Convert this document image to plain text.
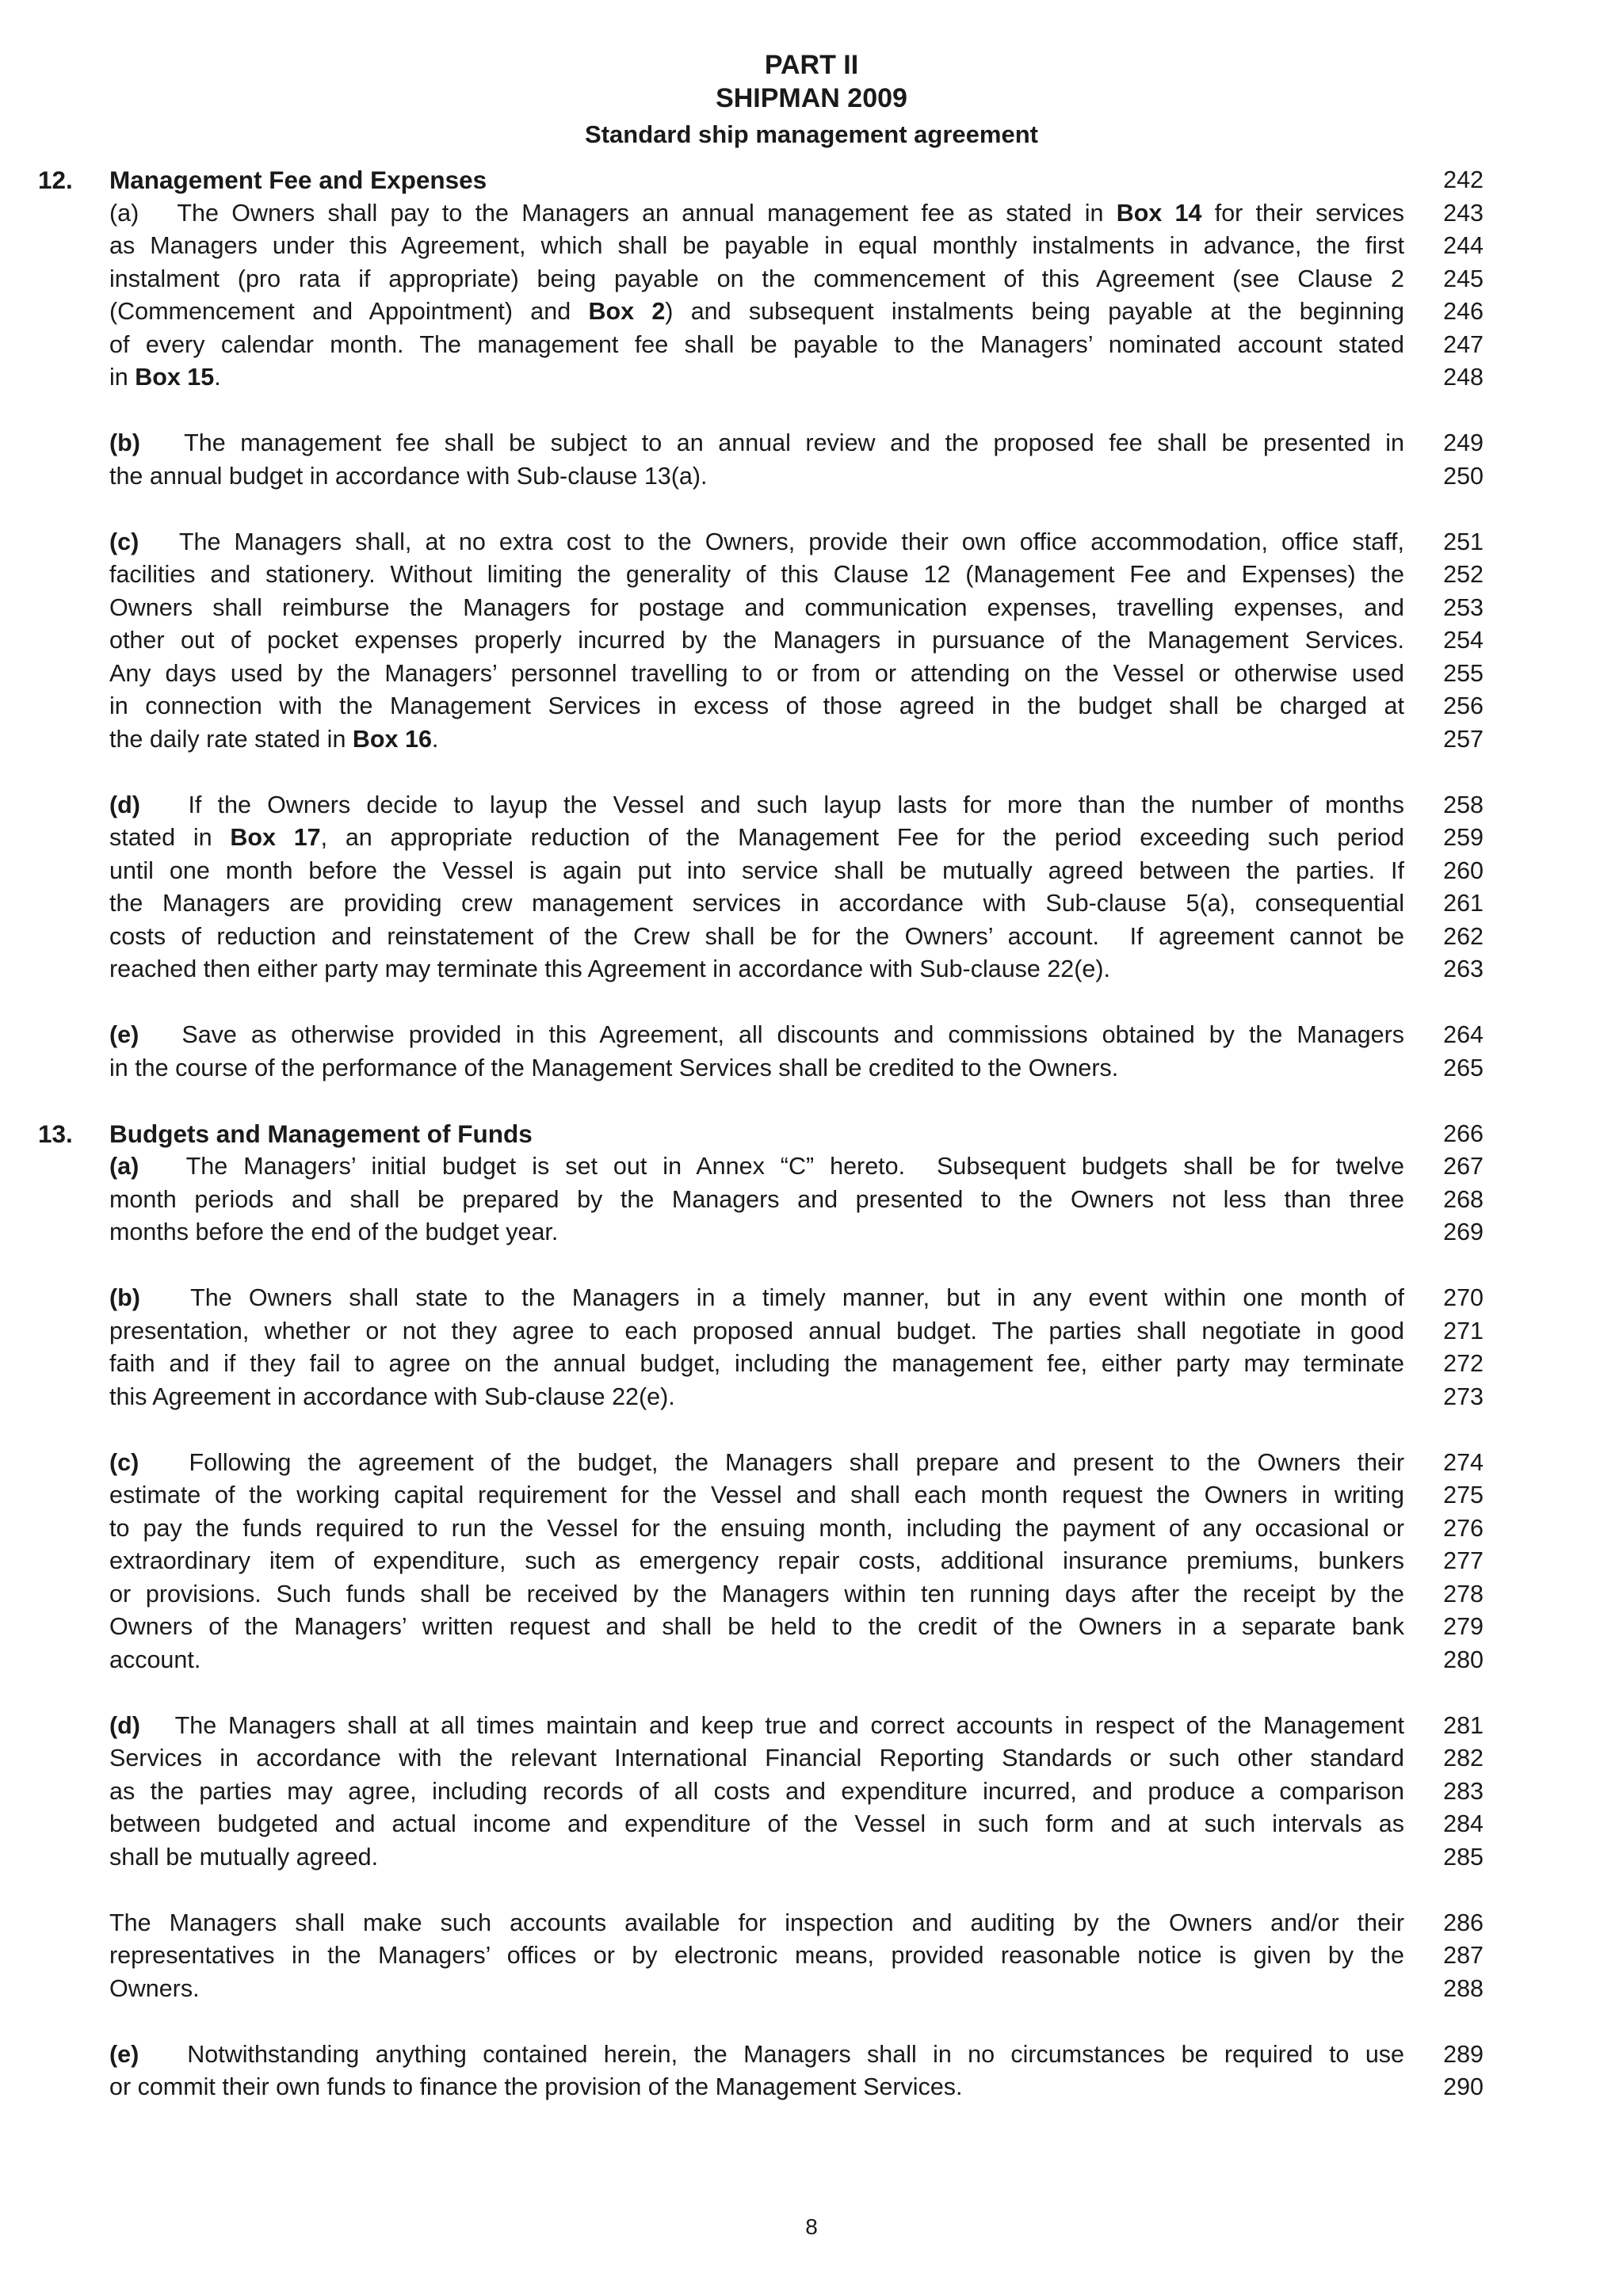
PART II
SHIPMAN 2009
Standard ship management agreement
12. Management Fee and Expenses	242
(a)   The Owners shall pay to the Managers an annual management fee as stated in Box 14 for their services 243
as Managers under this Agreement, which shall be payable in equal monthly instalments in advance, the first 244
instalment (pro rata if appropriate) being payable on the commencement of this Agreement (see Clause 2 245
(Commencement and Appointment) and Box 2) and subsequent instalments being payable at the beginning 246
of every calendar month. The management fee shall be payable to the Managers’ nominated account stated 247
in Box 15.	248
(b)   The management fee shall be subject to an annual review and the proposed fee shall be presented in 249
the annual budget in accordance with Sub-clause 13(a).	250
(c)   The Managers shall, at no extra cost to the Owners, provide their own office accommodation, office staff, 251
facilities and stationery. Without limiting the generality of this Clause 12 (Management Fee and Expenses) the 252
Owners shall reimburse the Managers for postage and communication expenses, travelling expenses, and 253
other out of pocket expenses properly incurred by the Managers in pursuance of the Management Services. 254
Any days used by the Managers’ personnel travelling to or from or attending on the Vessel or otherwise used 255
in connection with the Management Services in excess of those agreed in the budget shall be charged at 256
the daily rate stated in Box 16.	257
(d)   If the Owners decide to layup the Vessel and such layup lasts for more than the number of months 258
stated in Box 17, an appropriate reduction of the Management Fee for the period exceeding such period 259
until one month before the Vessel is again put into service shall be mutually agreed between the parties. If 260
the Managers are providing crew management services in accordance with Sub-clause 5(a), consequential 261
costs of reduction and reinstatement of the Crew shall be for the Owners’ account.  If agreement cannot be 262
reached then either party may terminate this Agreement in accordance with Sub-clause 22(e).	263
(e)   Save as otherwise provided in this Agreement, all discounts and commissions obtained by the Managers 264
in the course of the performance of the Management Services shall be credited to the Owners.	265
13. Budgets and Management of Funds	266
(a)   The Managers’ initial budget is set out in Annex “C” hereto.  Subsequent budgets shall be for twelve 267
month periods and shall be prepared by the Managers and presented to the Owners not less than three 268
months before the end of the budget year.	269
(b)   The Owners shall state to the Managers in a timely manner, but in any event within one month of 270
presentation, whether or not they agree to each proposed annual budget. The parties shall negotiate in good 271
faith and if they fail to agree on the annual budget, including the management fee, either party may terminate 272
this Agreement in accordance with Sub-clause 22(e).	273
(c)   Following the agreement of the budget, the Managers shall prepare and present to the Owners their 274
estimate of the working capital requirement for the Vessel and shall each month request the Owners in writing 275
to pay the funds required to run the Vessel for the ensuing month, including the payment of any occasional or 276
extraordinary item of expenditure, such as emergency repair costs, additional insurance premiums, bunkers 277
or provisions. Such funds shall be received by the Managers within ten running days after the receipt by the 278
Owners of the Managers’ written request and shall be held to the credit of the Owners in a separate bank 279
account.	280
(d)   The Managers shall at all times maintain and keep true and correct accounts in respect of the Management 281
Services in accordance with the relevant International Financial Reporting Standards or such other standard 282
as the parties may agree, including records of all costs and expenditure incurred, and produce a comparison 283
between budgeted and actual income and expenditure of the Vessel in such form and at such intervals as 284
shall be mutually agreed.	285
The Managers shall make such accounts available for inspection and auditing by the Owners and/or their 286
representatives in the Managers’ offices or by electronic means, provided reasonable notice is given by the 287
Owners.	288
(e)   Notwithstanding anything contained herein, the Managers shall in no circumstances be required to use 289
or commit their own funds to finance the provision of the Management Services.	290
8
